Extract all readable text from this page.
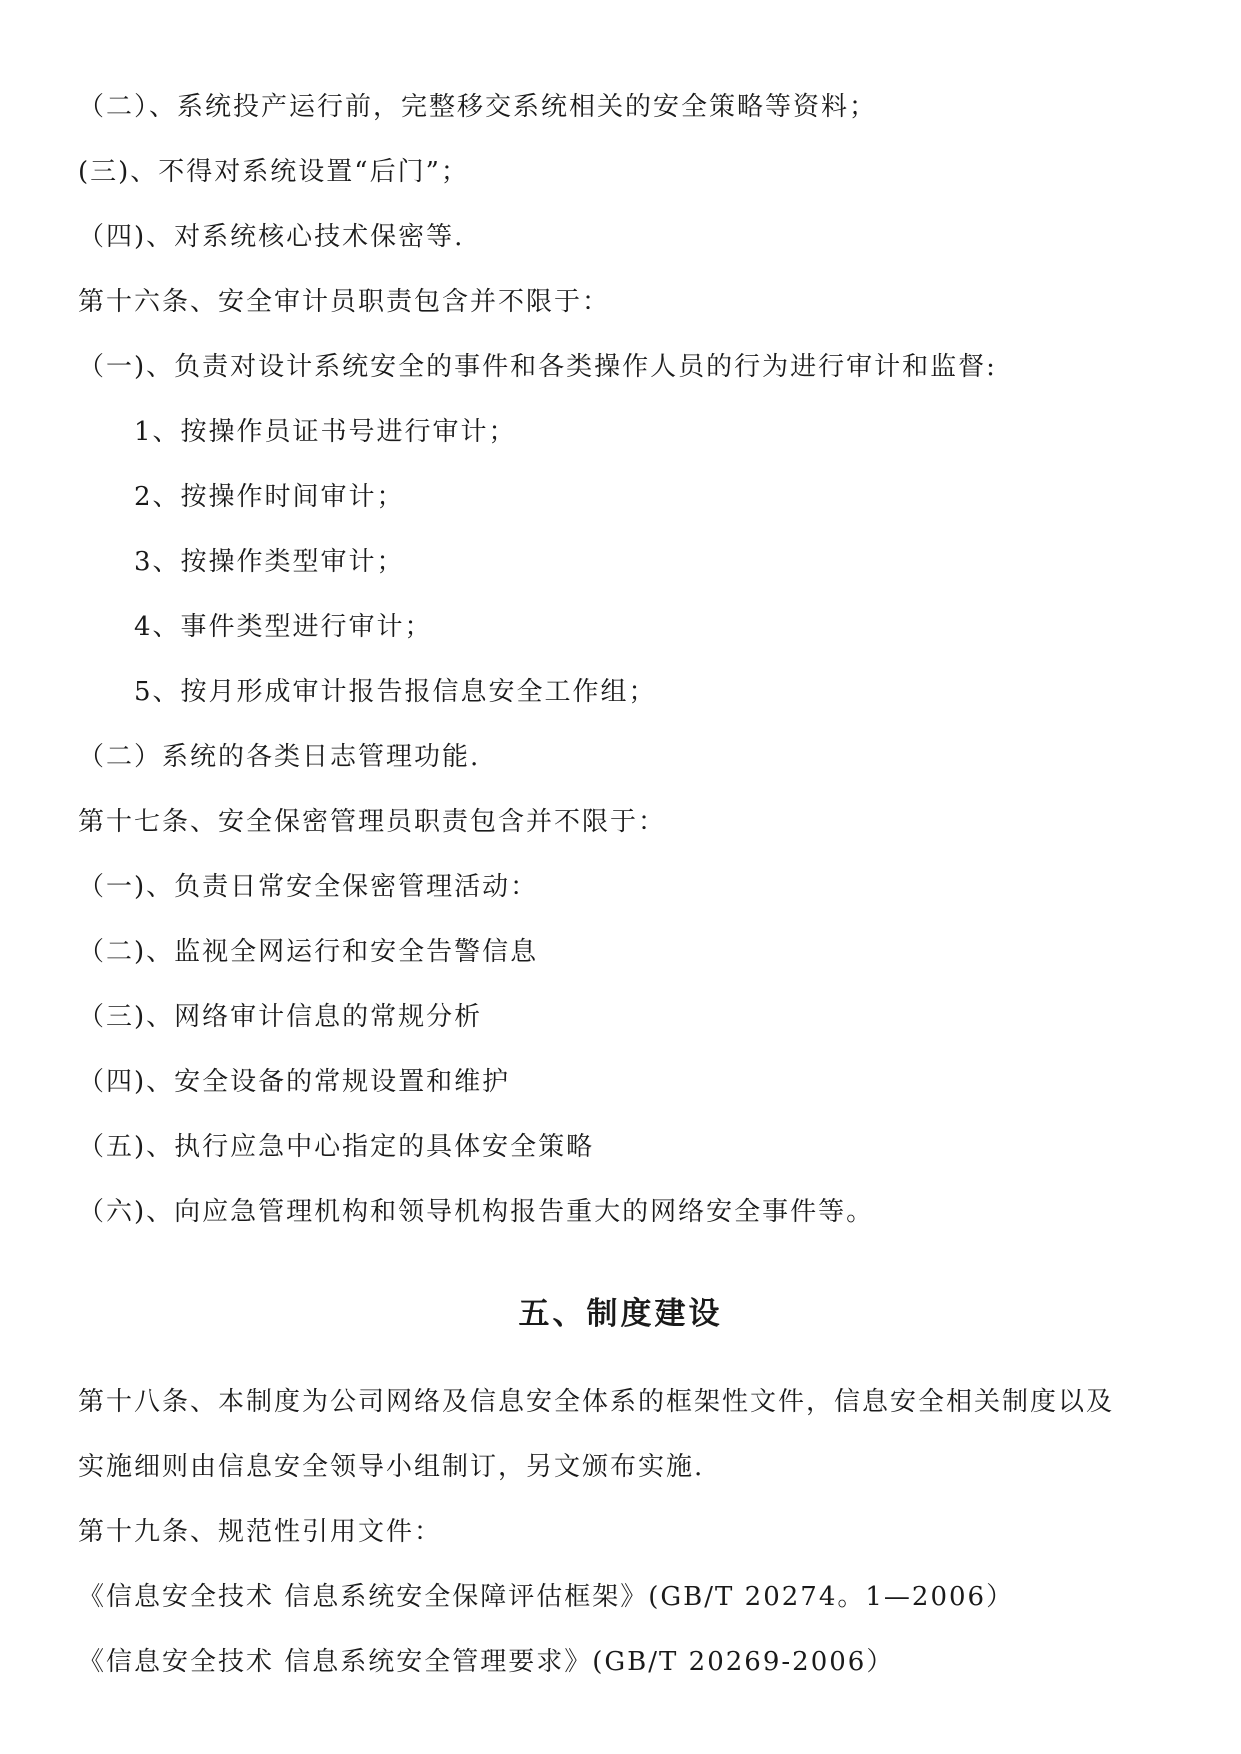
（二）、系统投产运行前，完整移交系统相关的安全策略等资料；
(三)、不得对系统设置“后门”；
（四)、对系统核心技术保密等.
第十六条、安全审计员职责包含并不限于：
（一)、负责对设计系统安全的事件和各类操作人员的行为进行审计和监督:
1、按操作员证书号进行审计；
2、按操作时间审计；
3、按操作类型审计；
4、事件类型进行审计；
5、按月形成审计报告报信息安全工作组；
（二）系统的各类日志管理功能.
第十七条、安全保密管理员职责包含并不限于：
（一)、负责日常安全保密管理活动：
（二)、监视全网运行和安全告警信息
（三)、网络审计信息的常规分析
（四)、安全设备的常规设置和维护
（五)、执行应急中心指定的具体安全策略
（六)、向应急管理机构和领导机构报告重大的网络安全事件等。
五、制度建设
第十八条、本制度为公司网络及信息安全体系的框架性文件，信息安全相关制度以及
实施细则由信息安全领导小组制订，另文颁布实施.
第十九条、规范性引用文件：
《信息安全技术 信息系统安全保障评估框架》(GB/T 20274。1—2006）
《信息安全技术 信息系统安全管理要求》(GB/T 20269-2006）
